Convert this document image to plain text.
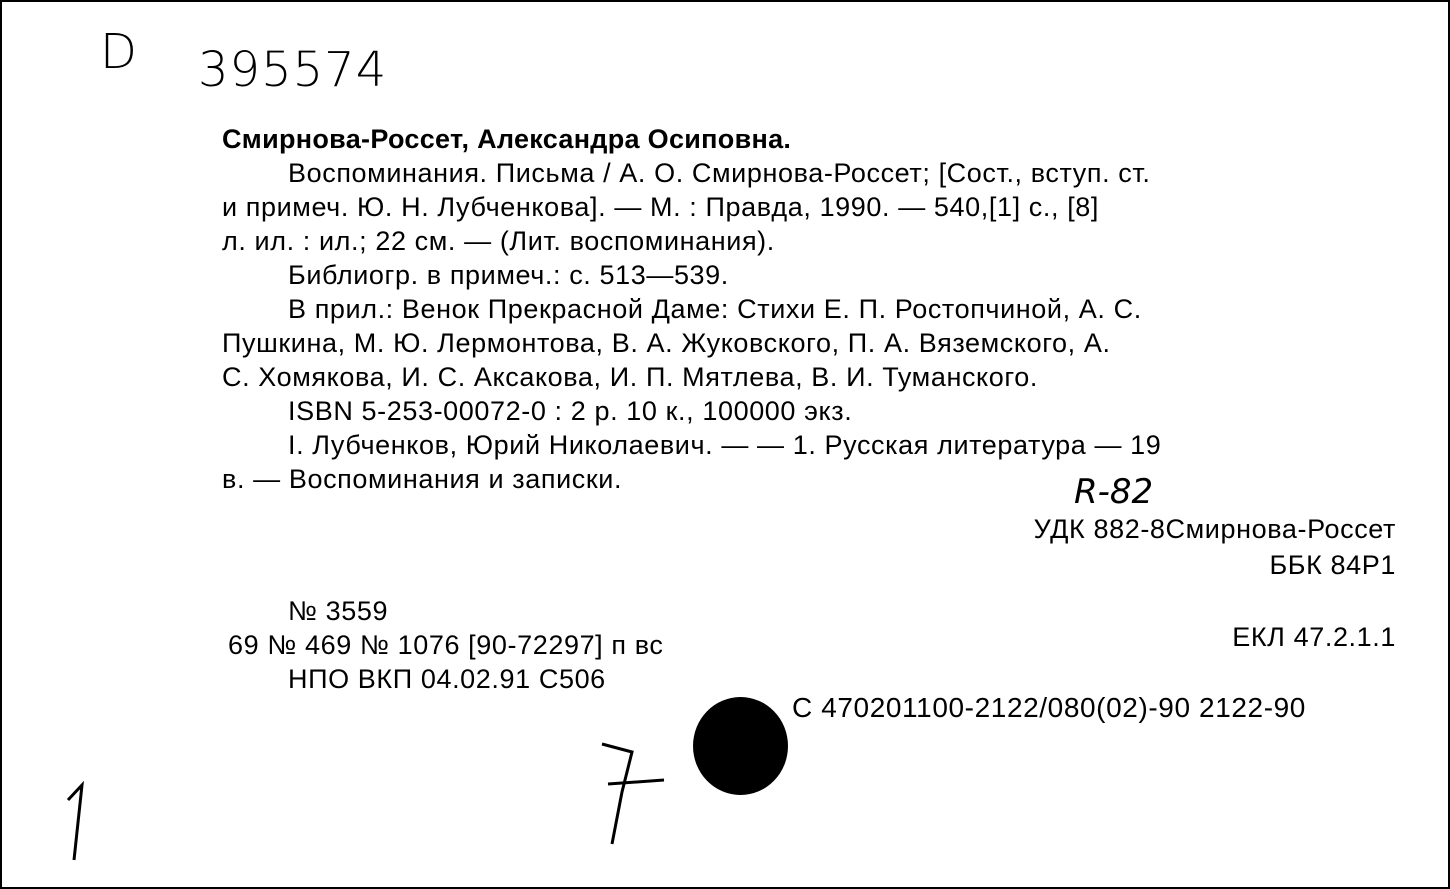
D 395574
Смирнова-Россет, Александра Осиповна.
Воспоминания. Письма / А. О. Смирнова-Россет; [Сост., вступ. ст.
и примеч. Ю. Н. Лубченкова]. — М. : Правда, 1990. — 540,[1] с., [8]
л. ил. : ил.; 22 см. — (Лит. воспоминания).
Библиогр. в примеч.: с. 513—539.
В прил.: Венок Прекрасной Даме: Стихи Е. П. Ростопчиной, А. С.
Пушкина, М. Ю. Лермонтова, В. А. Жуковского, П. А. Вяземского, А.
С. Хомякова, И. С. Аксакова, И. П. Мятлева, В. И. Туманского.
ISBN 5-253-00072-0 : 2 р. 10 к., 100000 экз.
I. Лубченков, Юрий Николаевич. — — 1. Русская литература — 19
в. — Воспоминания и записки.	R-82
УДК 882-8Смирнова-Россет
ББК 84Р1
ЕКЛ 47.2.1.1
№ 3559
69 № 469 № 1076 [90-72297] п вс
НПО ВКП 04.02.91 С506
С 470201100-2122/080(02)-90 2122-90
